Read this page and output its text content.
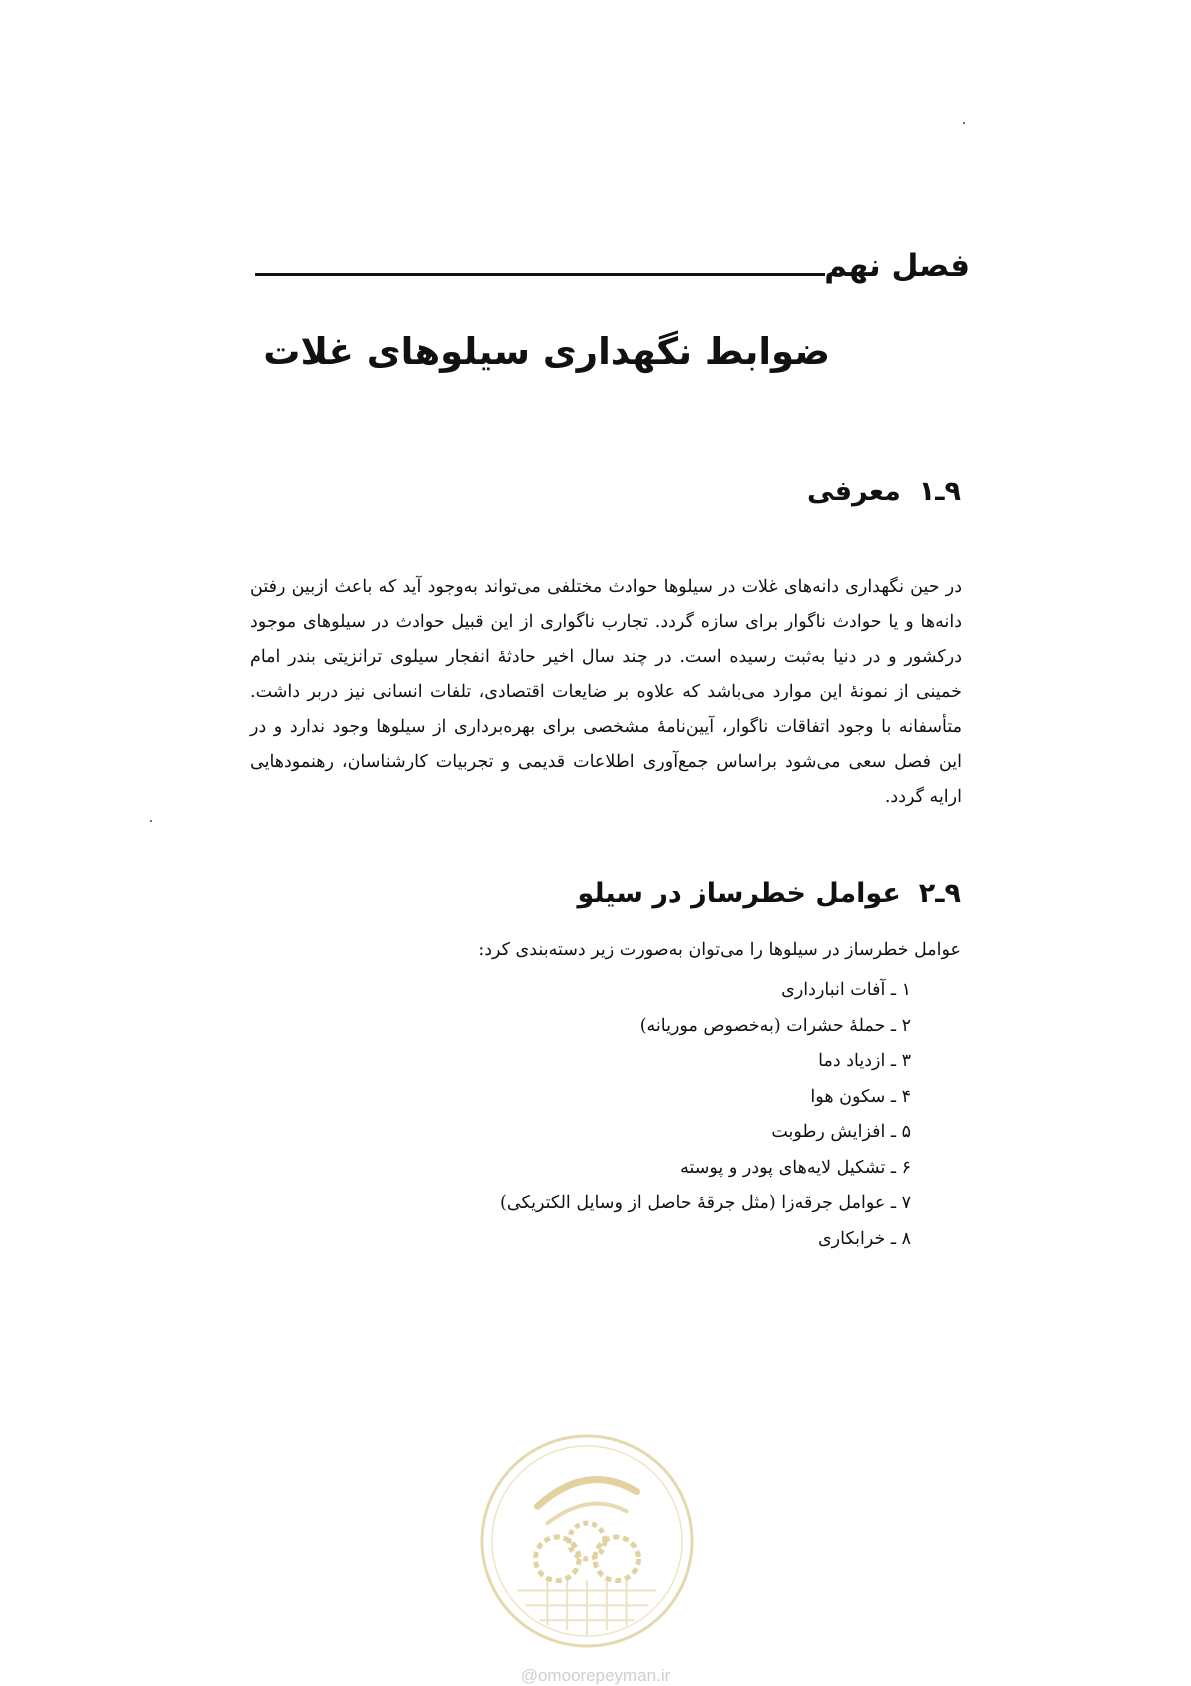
فصل نهم
ضوابط نگهداری سیلوهای غلات
۹ـ۱معرفی

در حین نگهداری دانه‌های غلات در سیلوها حوادث مختلفی می‌تواند به‌وجود آید که باعث ازبین رفتن دانه‌ها و یا حوادث ناگوار برای سازه گردد. تجارب ناگواری از این قبیل حوادث در سیلوهای موجود درکشور و در دنیا به‌ثبت رسیده است. در چند سال اخیر حادثهٔ انفجار سیلوی ترانزیتی بندر امام خمینی از نمونهٔ این موارد می‌باشد که علاوه بر ضایعات اقتصادی، تلفات انسانی نیز دربر داشت. متأسفانه با وجود اتفاقات ناگوار، آیین‌نامهٔ مشخصی برای بهره‌برداری از سیلوها وجود ندارد و در این فصل سعی می‌شود براساس جمع‌آوری اطلاعات قدیمی و تجربیات کارشناسان، رهنمودهایی ارایه گردد.

۹ـ۲عوامل خطرساز در سیلو

عوامل خطرساز در سیلوها را می‌توان به‌صورت زیر دسته‌بندی کرد:

۱ ـ آفات انبارداری
۲ ـ حملهٔ حشرات (به‌خصوص موریانه)
۳ ـ ازدیاد دما
۴ ـ سکون هوا
۵ ـ افزایش رطوبت
۶ ـ تشکیل لایه‌های پودر و پوسته
۷ ـ عوامل جرقه‌زا (مثل جرقهٔ حاصل از وسایل الکتریکی)
۸ ـ خرابکاری
@omoorepeyman.ir
